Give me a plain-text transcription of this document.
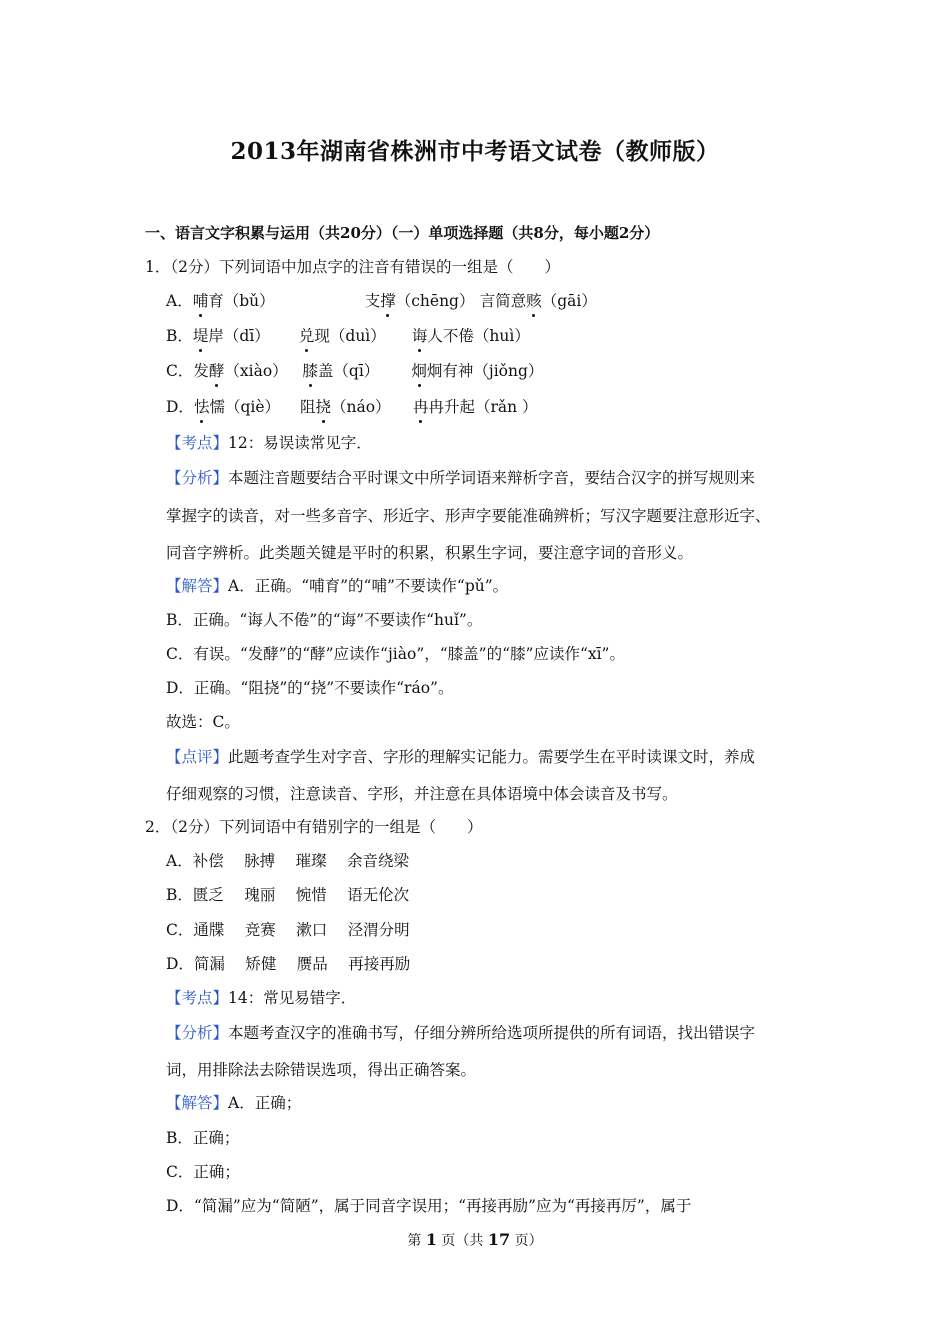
2013年湖南省株洲市中考语文试卷（教师版）
一、语言文字积累与运用（共20分）（一）单项选择题（共8分，每小题2分）
1．（2分）下列词语中加点字的注音有错误的一组是（　　）
A．哺育（bǔ）	支撑（chēng） 言简意赅（gāi）
B．堤岸（dī） 兑现（duì） 诲人不倦（huì）
C．发酵（xiào） 膝盖（qī） 炯炯有神（jiǒng）
D．怯懦（qiè） 阻挠（náo） 冉冉升起（rǎn ）
【考点】12：易误读常见字．
【分析】本题注音题要结合平时课文中所学词语来辩析字音，要结合汉字的拼写规则来
掌握字的读音，对一些多音字、形近字、形声字要能准确辨析；写汉字题要注意形近字、
同音字辨析。此类题关键是平时的积累，积累生字词，要注意字词的音形义。
【解答】A．正确。“哺育”的“哺”不要读作“pǔ”。
B．正确。“诲人不倦”的“诲”不要读作“huǐ”。
C．有误。“发酵”的“酵”应读作“jiào”，“膝盖”的“膝”应读作“xī”。
D．正确。“阻挠”的“挠”不要读作“ráo”。
故选：C。
【点评】此题考查学生对字音、字形的理解实记能力。需要学生在平时读课文时，养成
仔细观察的习惯，注意读音、字形，并注意在具体语境中体会读音及书写。
2．（2分）下列词语中有错别字的一组是（　　）
A．补偿　 脉搏　 璀璨　 余音绕梁
B．匮乏　 瑰丽　 惋惜　 语无伦次
C．通牒　 竞赛　 漱口　 泾渭分明
D．简漏　 矫健　 赝品　 再接再励
【考点】14：常见易错字．
【分析】本题考查汉字的准确书写，仔细分辨所给选项所提供的所有词语，找出错误字
词，用排除法去除错误选项，得出正确答案。
【解答】A．正确；
B．正确；
C．正确；
D．“简漏”应为“简陋”，属于同音字误用；“再接再励”应为“再接再厉”，属于
第 1 页（共 17 页）
